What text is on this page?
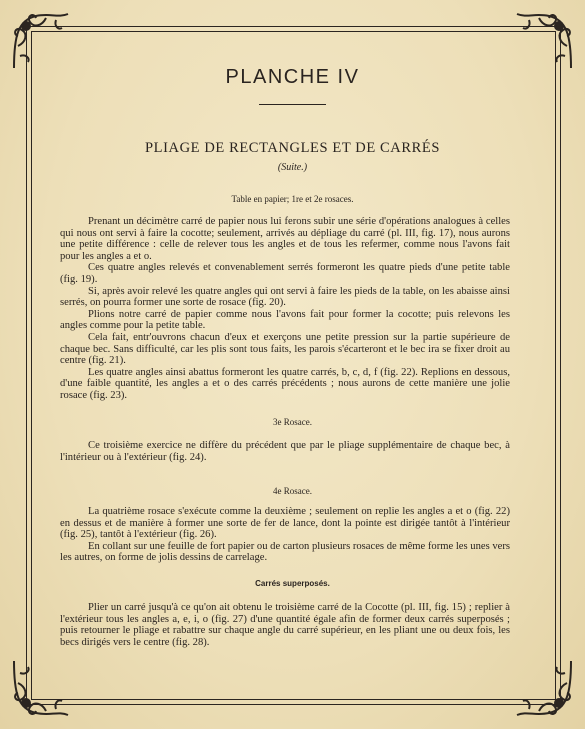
PLANCHE IV
PLIAGE DE RECTANGLES ET DE CARRÉS
(Suite.)
Table en papier; 1re et 2e rosaces.

Prenant un décimètre carré de papier nous lui ferons subir une série d'opérations analogues à celles qui nous ont servi à faire la cocotte; seulement, arrivés au dépliage du carré (pl. III, fig. 17), nous aurons une petite différence : celle de relever tous les angles et de tous les refermer, comme nous l'avons fait pour les angles a et o.

Ces quatre angles relevés et convenablement serrés formeront les quatre pieds d'une petite table (fig. 19).

Si, après avoir relevé les quatre angles qui ont servi à faire les pieds de la table, on les abaisse ainsi serrés, on pourra former une sorte de rosace (fig. 20).

Plions notre carré de papier comme nous l'avons fait pour former la cocotte; puis relevons les angles comme pour la petite table.

Cela fait, entr'ouvrons chacun d'eux et exerçons une petite pression sur la partie supérieure de chaque bec. Sans difficulté, car les plis sont tous faits, les parois s'écarteront et le bec ira se fixer droit au centre (fig. 21).

Les quatre angles ainsi abattus formeront les quatre carrés, b, c, d, f (fig. 22). Replions en dessous, d'une faible quantité, les angles a et o des carrés précédents ; nous aurons de cette manière une jolie rosace (fig. 23).

3e Rosace.

Ce troisième exercice ne diffère du précédent que par le pliage supplémentaire de chaque bec, à l'intérieur ou à l'extérieur (fig. 24).

4e Rosace.

La quatrième rosace s'exécute comme la deuxième ; seulement on replie les angles a et o (fig. 22) en dessus et de manière à former une sorte de fer de lance, dont la pointe est dirigée tantôt à l'intérieur (fig. 25), tantôt à l'extérieur (fig. 26).

En collant sur une feuille de fort papier ou de carton plusieurs rosaces de même forme les unes vers les autres, on forme de jolis dessins de carrelage.

Carrés superposés.

Plier un carré jusqu'à ce qu'on ait obtenu le troisième carré de la Cocotte (pl. III, fig. 15) ; replier à l'extérieur tous les angles a, e, i, o (fig. 27) d'une quantité égale afin de former deux carrés superposés ; puis retourner le pliage et rabattre sur chaque angle du carré supérieur, en les pliant une ou deux fois, les becs dirigés vers le centre (fig. 28).
